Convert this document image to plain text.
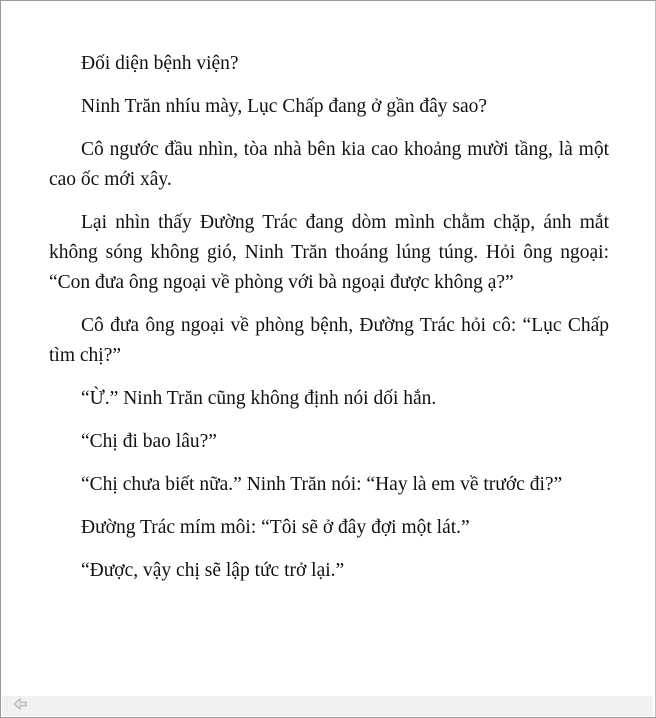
Đối diện bệnh viện?

Ninh Trăn nhíu mày, Lục Chấp đang ở gần đây sao?

Cô ngước đầu nhìn, tòa nhà bên kia cao khoảng mười tầng, là một cao ốc mới xây.

Lại nhìn thấy Đường Trác đang dòm mình chằm chặp, ánh mắt không sóng không gió, Ninh Trăn thoáng lúng túng. Hỏi ông ngoại: “Con đưa ông ngoại về phòng với bà ngoại được không ạ?”

Cô đưa ông ngoại về phòng bệnh, Đường Trác hỏi cô: “Lục Chấp tìm chị?”

“Ừ.” Ninh Trăn cũng không định nói dối hắn.

“Chị đi bao lâu?”

“Chị chưa biết nữa.” Ninh Trăn nói: “Hay là em về trước đi?”

Đường Trác mím môi: “Tôi sẽ ở đây đợi một lát.”

“Được, vậy chị sẽ lập tức trở lại.”
